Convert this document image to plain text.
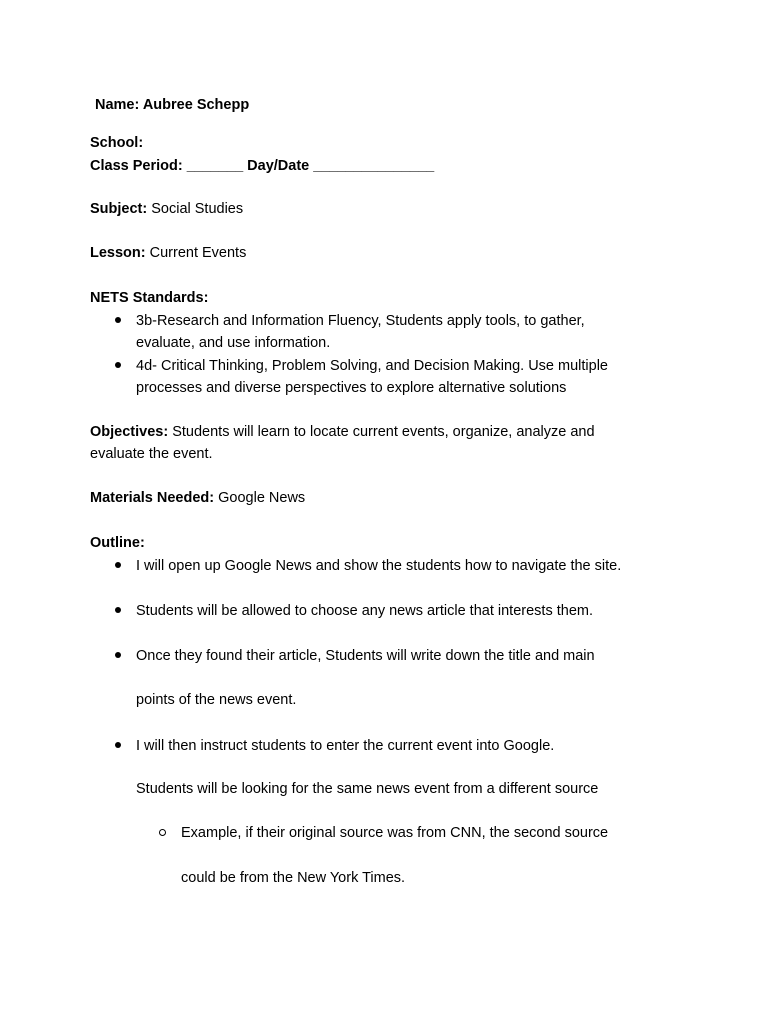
Name: Aubree Schepp
School:
Class Period: _______ Day/Date _______________
Subject: Social Studies
Lesson: Current Events
NETS Standards:
3b-Research and Information Fluency, Students apply tools, to gather,
evaluate, and use information.
4d- Critical Thinking, Problem Solving, and Decision Making. Use multiple
processes and diverse perspectives to explore alternative solutions
Objectives: Students will learn to locate current events, organize, analyze and
evaluate the event.
Materials Needed: Google News
Outline:
I will open up Google News and show the students how to navigate the site.
Students will be allowed to choose any news article that interests them.
Once they found their article, Students will write down the title and main
points of the news event.
I will then instruct students to enter the current event into Google.
Students will be looking for the same news event from a different source
Example, if their original source was from CNN, the second source
could be from the New York Times.
